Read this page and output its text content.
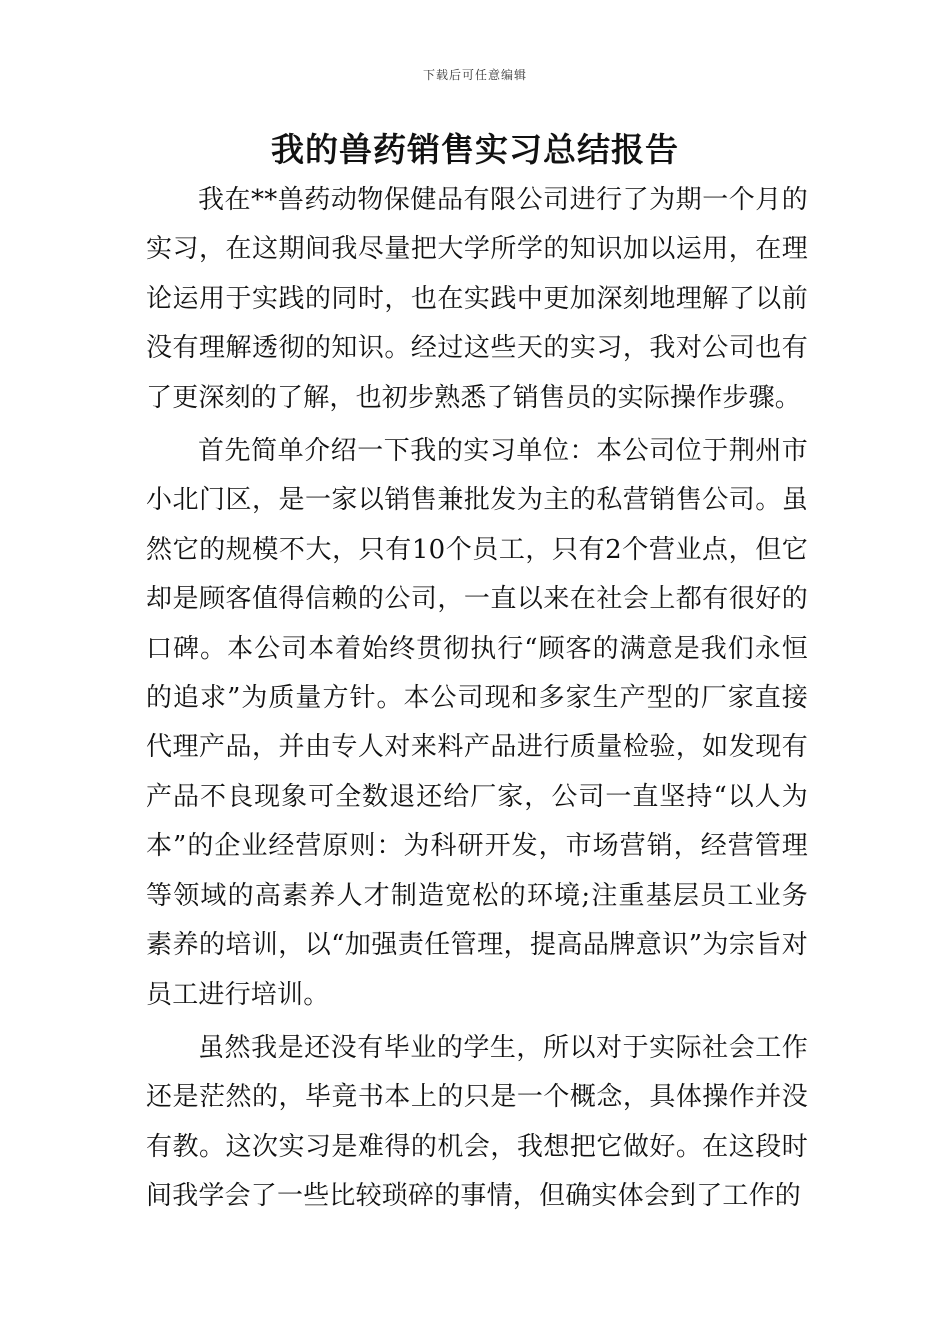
下载后可任意编辑
我的兽药销售实习总结报告

我在**兽药动物保健品有限公司进行了为期一个月的实习，在这期间我尽量把大学所学的知识加以运用，在理论运用于实践的同时，也在实践中更加深刻地理解了以前没有理解透彻的知识。经过这些天的实习，我对公司也有了更深刻的了解，也初步熟悉了销售员的实际操作步骤。

首先简单介绍一下我的实习单位：本公司位于荆州市小北门区，是一家以销售兼批发为主的私营销售公司。虽然它的规模不大，只有10个员工，只有2个营业点，但它却是顾客值得信赖的公司，一直以来在社会上都有很好的口碑。本公司本着始终贯彻执行“顾客的满意是我们永恒的追求”为质量方针。本公司现和多家生产型的厂家直接代理产品，并由专人对来料产品进行质量检验，如发现有产品不良现象可全数退还给厂家，公司一直坚持“以人为本”的企业经营原则：为科研开发，市场营销，经营管理等领域的高素养人才制造宽松的环境;注重基层员工业务素养的培训，以“加强责任管理，提高品牌意识”为宗旨对员工进行培训。

虽然我是还没有毕业的学生，所以对于实际社会工作还是茫然的，毕竟书本上的只是一个概念，具体操作并没有教。这次实习是难得的机会，我想把它做好。在这段时间我学会了一些比较琐碎的事情，但确实体会到了工作的
